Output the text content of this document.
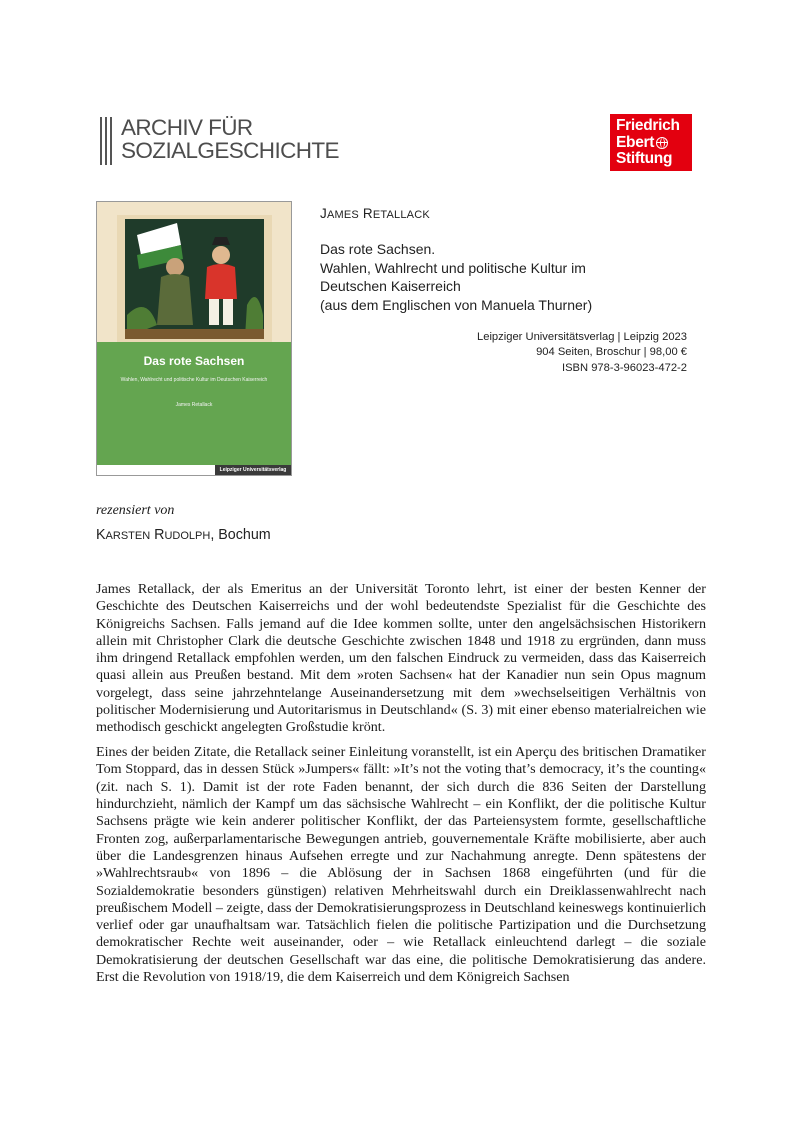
ARCHIV FÜR
SOZIALGESCHICHTE
Friedrich
Ebert
Stiftung
Das rote Sachsen
Wahlen, Wahlrecht und politische Kultur im Deutschen Kaiserreich
James Retallack
Leipziger Universitätsverlag
JAMES RETALLACK
Das rote Sachsen.
Wahlen, Wahlrecht und politische Kultur im
Deutschen Kaiserreich
(aus dem Englischen von Manuela Thurner)
Leipziger Universitätsverlag | Leipzig 2023
904 Seiten, Broschur | 98,00 €
ISBN 978-3-96023-472-2
rezensiert von
KARSTEN RUDOLPH, Bochum

James Retallack, der als Emeritus an der Universität Toronto lehrt, ist einer der besten Kenner der Geschichte des Deutschen Kaiserreichs und der wohl bedeutendste Spezialist für die Geschichte des Königreichs Sachsen. Falls jemand auf die Idee kommen sollte, unter den angelsächsischen Historikern allein mit Christopher Clark die deutsche Geschichte zwischen 1848 und 1918 zu ergründen, dann muss ihm dringend Retallack empfohlen werden, um den falschen Eindruck zu vermeiden, dass das Kaiserreich quasi allein aus Preußen bestand. Mit dem »roten Sachsen« hat der Kanadier nun sein Opus magnum vorgelegt, dass seine jahrzehntelange Auseinandersetzung mit dem »wechselseitigen Verhältnis von politischer Modernisierung und Autoritarismus in Deutschland« (S. 3) mit einer ebenso materialreichen wie methodisch geschickt angelegten Großstudie krönt.

Eines der beiden Zitate, die Retallack seiner Einleitung voranstellt, ist ein Aperçu des britischen Dramatiker Tom Stoppard, das in dessen Stück »Jumpers« fällt: »It’s not the voting that’s democracy, it’s the counting« (zit. nach S. 1). Damit ist der rote Faden benannt, der sich durch die 836 Seiten der Darstellung hindurchzieht, nämlich der Kampf um das sächsische Wahlrecht – ein Konflikt, der die politische Kultur Sachsens prägte wie kein anderer politischer Konflikt, der das Parteiensystem formte, gesellschaftliche Fronten zog, außerparlamentarische Bewegungen antrieb, gouvernementale Kräfte mobilisierte, aber auch über die Landesgrenzen hinaus Aufsehen erregte und zur Nachahmung anregte. Denn spätestens der »Wahlrechtsraub« von 1896 – die Ablösung der in Sachsen 1868 eingeführten (und für die Sozialdemokratie besonders günstigen) relativen Mehrheitswahl durch ein Dreiklassenwahlrecht nach preußischem Modell – zeigte, dass der Demokratisierungsprozess in Deutschland keineswegs kontinuierlich verlief oder gar unaufhaltsam war. Tatsächlich fielen die politische Partizipation und die Durchsetzung demokratischer Rechte weit auseinander, oder – wie Retallack einleuchtend darlegt – die soziale Demokratisierung der deutschen Gesellschaft war das eine, die politische Demokratisierung das andere. Erst die Revolution von 1918/19, die dem Kaiserreich und dem Königreich Sachsen
